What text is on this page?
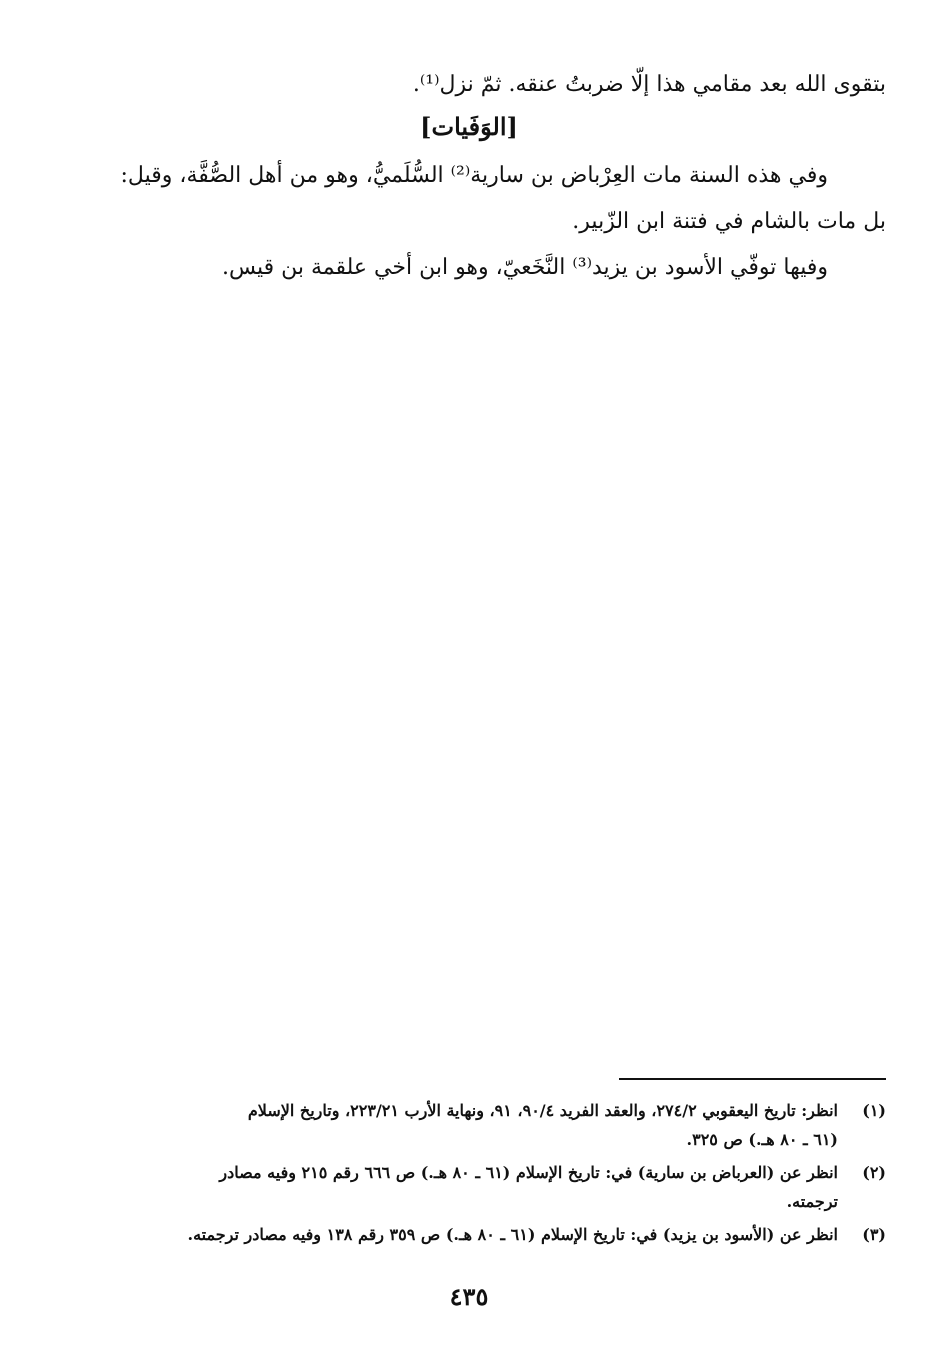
بتقوى الله بعد مقامي هذا إلّا ضربتُ عنقه. ثمّ نزل⁽¹⁾.
[الوَفَيات]
وفي هذه السنة مات العِرْباض بن سارية⁽²⁾ السُّلَميُّ، وهو من أهل الصُّفَّة، وقيل:
بل مات بالشام في فتنة ابن الزّبير.
وفيها توفّي الأسود بن يزيد⁽³⁾ النَّخَعيّ، وهو ابن أخي علقمة بن قيس.
(١)
انظر: تاريخ اليعقوبي ٢٧٤/٢، والعقد الفريد ٩٠/٤، ٩١، ونهاية الأرب ٢٢٣/٢١، وتاريخ الإسلام
(٦١ ـ ٨٠ هـ.) ص ٣٢٥.
(٢)
انظر عن (العرباض بن سارية) في: تاريخ الإسلام (٦١ ـ ٨٠ هـ.) ص ٦٦٦ رقم ٢١٥ وفيه مصادر
ترجمته.
(٣)
انظر عن (الأسود بن يزيد) في: تاريخ الإسلام (٦١ ـ ٨٠ هـ.) ص ٣٥٩ رقم ١٣٨ وفيه مصادر ترجمته.
٤٣٥
